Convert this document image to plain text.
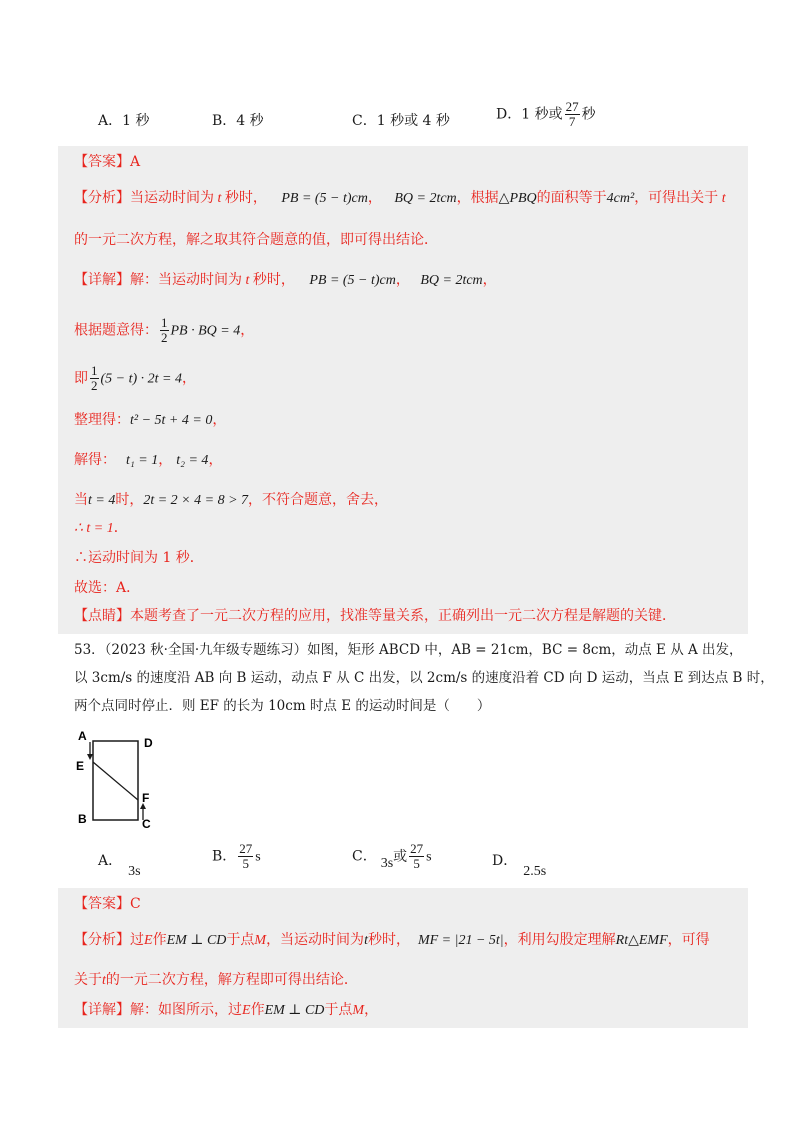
A．1 秒	B．4 秒	C．1 秒或 4 秒	D．1 秒或 $\frac{27}{7}$ 秒
【答案】A
【分析】当运动时间为 t 秒时， PB = (5 − t)cm， BQ = 2tcm，根据△PBQ的面积等于4cm²，可得出关于 t
的一元二次方程，解之取其符合题意的值，即可得出结论．
【详解】解：当运动时间为 t 秒时， PB = (5 − t)cm， BQ = 2tcm，
根据题意得： $\frac{1}{2}$ PB · BQ = 4，
即 $\frac{1}{2} (5 - t) \cdot 2t = 4$，
整理得：t² − 5t + 4 = 0，
解得： t₁ = 1， t₂ = 4，
当t = 4时，2t = 2 × 4 = 8 > 7，不符合题意，舍去，
∴ t = 1．
∴运动时间为 1 秒．
故选：A．
【点睛】本题考查了一元二次方程的应用，找准等量关系，正确列出一元二次方程是解题的关键．
53．（2023 秋·全国·九年级专题练习）如图，矩形 ABCD 中，AB = 21cm，BC = 8cm，动点 E 从 A 出发，
以 3cm/s 的速度沿 AB 向 B 运动，动点 F 从 C 出发，以 2cm/s 的速度沿着 CD 向 D 运动，当点 E 到达点 B 时，
两个点同时停止．则 EF 的长为 10cm 时点 E 的运动时间是（　　）
A	D
E
F
B	C
A．3s
B． $\frac{27}{5}$ s	C． 3s或 $\frac{27}{5}$ s	D．2.5s
【答案】C
【分析】过E作EM ⊥ CD于点M，当运动时间为t秒时， MF = |21 − 5t|，利用勾股定理解Rt△EMF，可得
关于t的一元二次方程，解方程即可得出结论．
【详解】解：如图所示，过E作EM ⊥ CD于点M，
